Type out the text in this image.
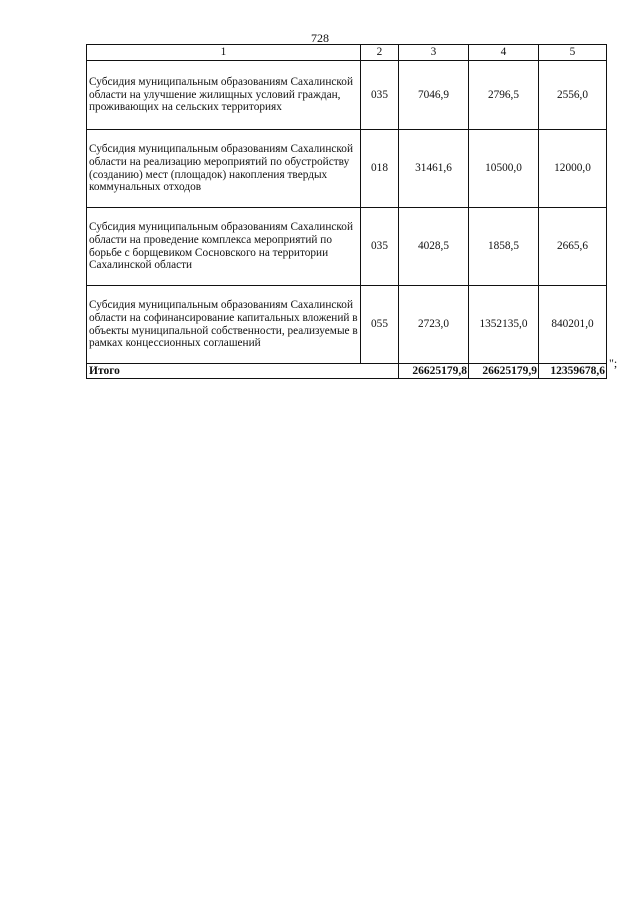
728
1	2	3	4	5
Субсидия муниципальным образованиям Сахалинской области на улучшение жилищных условий граждан, проживающих на сельских территориях	035	7046,9	2796,5	2556,0
Субсидия муниципальным образованиям Сахалинской области на реализацию мероприятий по обустройству (созданию) мест (площадок) накопления твердых коммунальных отходов	018	31461,6	10500,0	12000,0
Субсидия муниципальным образованиям Сахалинской области на проведение комплекса мероприятий по борьбе с борщевиком Сосновского на территории Сахалинской области	035	4028,5	1858,5	2665,6
Субсидия муниципальным образованиям Сахалинской области на софинансирование капитальных вложений в объекты муниципальной собственности, реализуемые в рамках концессионных соглашений	055	2723,0	1352135,0	840201,0
Итого		26625179,8	26625179,9	12359678,6
";
